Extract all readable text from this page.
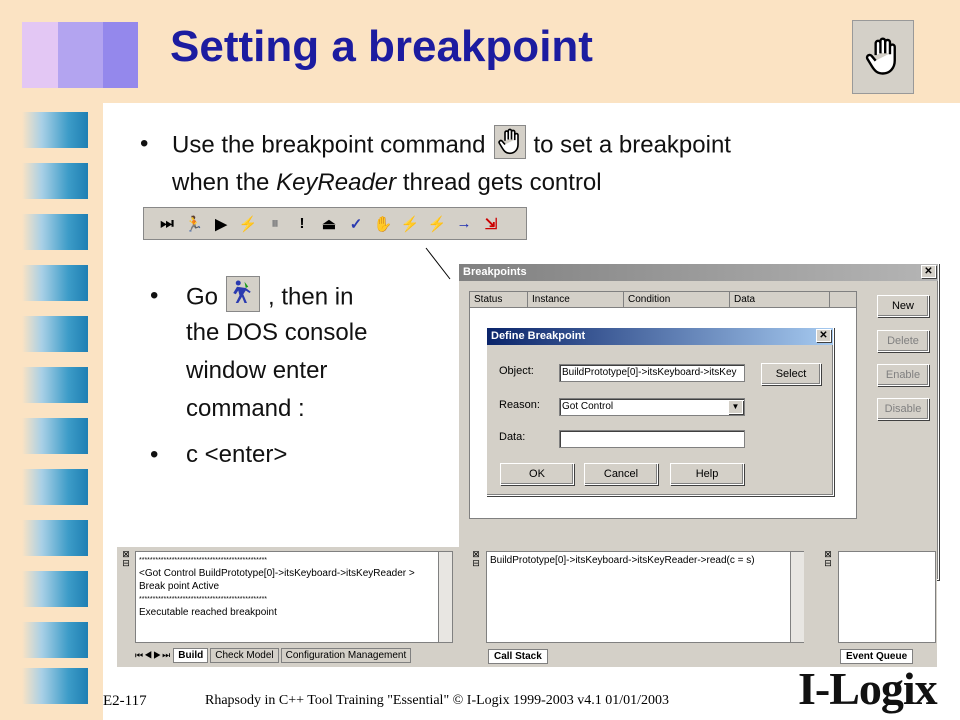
Setting a breakpoint
• Use the breakpoint command to set a breakpoint
when the KeyReader thread gets control
⏭ 🏃 ▶ ⚡ ⏸	!	⏏ ✓ ✋ ⚡ ⚡ → ⇲
• Go , then in
the DOS console
window enter
command :
• c <enter>
Breakpoints	✕
Status	Instance	Condition	Data
New
Delete
Enable
Disable
Define Breakpoint	✕
Object:	BuildPrototype[0]->itsKeyboard->itsKey	Select
Reason:	Got Control	▼
Data:
OK	Cancel	Help
⊠
⊟	***********************************************
<Got Control BuildPrototype[0]->itsKeyboard->itsKeyReader >
Break point Active
***********************************************
Executable reached breakpoint
⏮◀▶⏭ Build	Check Model	Configuration Management
⊠
⊟	BuildPrototype[0]->itsKeyboard->itsKeyReader->read(c = s)
Call Stack
⊠
⊟
Event Queue
E2-117	Rhapsody in C++ Tool Training "Essential" © I-Logix 1999-2003 v4.1 01/01/2003	I-Logix
